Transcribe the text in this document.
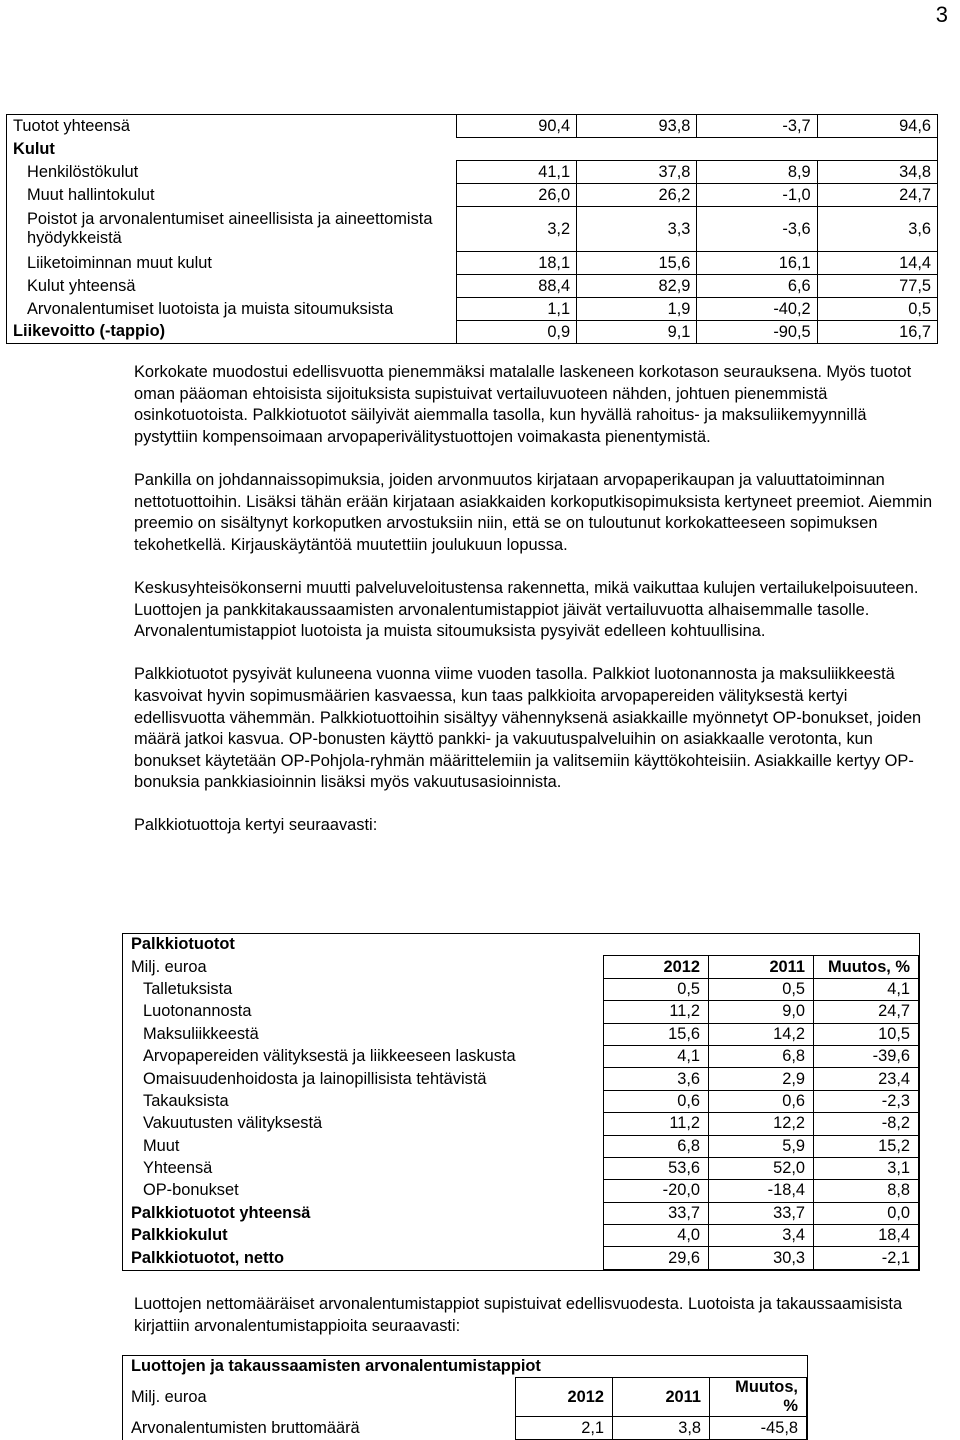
3
Tuotot yhteensä	90,4	93,8	-3,7	94,6
Kulut				
Henkilöstökulut	41,1	37,8	8,9	34,8
Muut hallintokulut	26,0	26,2	-1,0	24,7
Poistot ja arvonalentumiset aineellisista ja aineettomista hyödykkeistä	3,2	3,3	-3,6	3,6
Liiketoiminnan muut kulut	18,1	15,6	16,1	14,4
Kulut yhteensä	88,4	82,9	6,6	77,5
Arvonalentumiset luotoista ja muista sitoumuksista	1,1	1,9	-40,2	0,5
Liikevoitto (-tappio)	0,9	9,1	-90,5	16,7

Korkokate muodostui edellisvuotta pienemmäksi matalalle laskeneen korkotason seurauksena. Myös tuotot oman pääoman ehtoisista sijoituksista supistuivat vertailuvuoteen nähden, johtuen pienemmistä osinkotuotoista. Palkkiotuotot säilyivät aiemmalla tasolla, kun hyvällä rahoitus- ja maksuliikemyynnillä pystyttiin kompensoimaan arvopaperivälitystuottojen voimakasta pienentymistä.

Pankilla on johdannaissopimuksia, joiden arvonmuutos kirjataan arvopaperikaupan ja valuuttatoiminnan nettotuottoihin. Lisäksi tähän erään kirjataan asiakkaiden korkoputkisopimuksista kertyneet preemiot. Aiemmin preemio on sisältynyt korkoputken arvostuksiin niin, että se on tuloutunut korkokatteeseen sopimuksen tekohetkellä. Kirjauskäytäntöä muutettiin joulukuun lopussa.

Keskusyhteisökonserni muutti palveluveloitustensa rakennetta, mikä vaikuttaa kulujen vertailukelpoisuuteen. Luottojen ja pankkitakaussaamisten arvonalentumistappiot jäivät vertailuvuotta alhaisemmalle tasolle. Arvonalentumistappiot luotoista ja muista sitoumuksista pysyivät edelleen kohtuullisina.

Palkkiotuotot pysyivät kuluneena vuonna viime vuoden tasolla. Palkkiot luotonannosta ja maksuliikkeestä kasvoivat hyvin sopimusmäärien kasvaessa, kun taas palkkioita arvopapereiden välityksestä kertyi edellisvuotta vähemmän. Palkkiotuottoihin sisältyy vähennyksenä asiakkaille myönnetyt OP-bonukset, joiden määrä jatkoi kasvua. OP-bonusten käyttö pankki- ja vakuutuspalveluihin on asiakkaalle verotonta, kun bonukset käytetään OP-Pohjola-ryhmän määrittelemiin ja valitsemiin käyttökohteisiin. Asiakkaille kertyy OP-bonuksia pankkiasioinnin lisäksi myös vakuutusasioinnista.

Palkkiotuottoja kertyi seuraavasti:

Palkkiotuotot			
Milj. euroa	2012	2011	Muutos, %
Talletuksista	0,5	0,5	4,1
Luotonannosta	11,2	9,0	24,7
Maksuliikkeestä	15,6	14,2	10,5
Arvopapereiden välityksestä ja liikkeeseen laskusta	4,1	6,8	-39,6
Omaisuudenhoidosta ja lainopillisista tehtävistä	3,6	2,9	23,4
Takauksista	0,6	0,6	-2,3
Vakuutusten välityksestä	11,2	12,2	-8,2
Muut	6,8	5,9	15,2
Yhteensä	53,6	52,0	3,1
OP-bonukset	-20,0	-18,4	8,8
Palkkiotuotot yhteensä	33,7	33,7	0,0
Palkkiokulut	4,0	3,4	18,4
Palkkiotuotot, netto	29,6	30,3	-2,1

Luottojen nettomääräiset arvonalentumistappiot supistuivat edellisvuodesta. Luotoista ja takaussaamisista kirjattiin arvonalentumistappioita seuraavasti:

Luottojen ja takaussaamisten arvonalentumistappiot			
Milj. euroa	2012	2011	Muutos, %
Arvonalentumisten bruttomäärä	2,1	3,8	-45,8
